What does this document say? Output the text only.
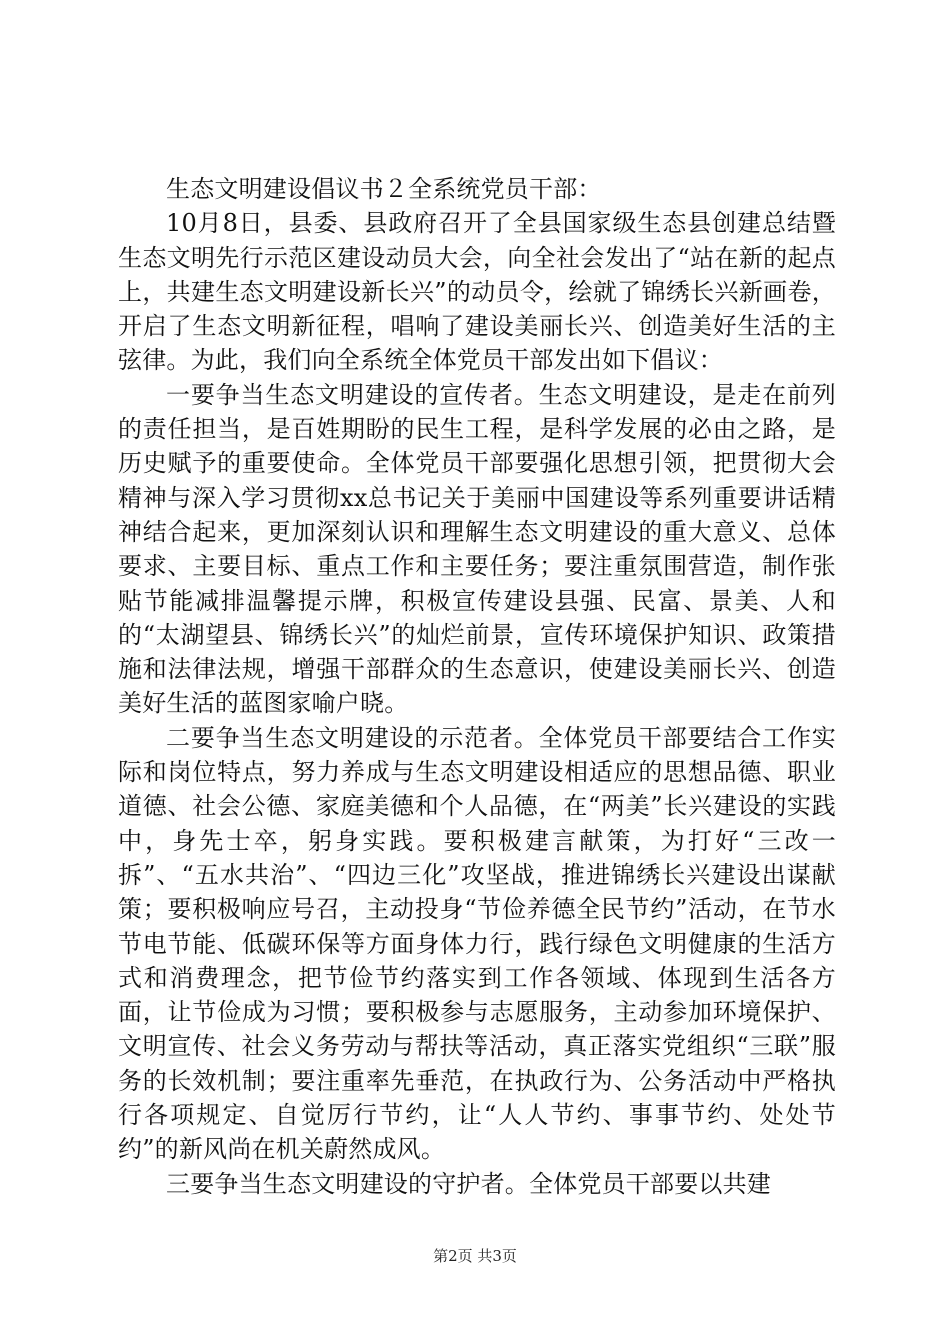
生态文明建设倡议书２全系统党员干部：

10月8日，县委、县政府召开了全县国家级生态县创建总结暨生态文明先行示范区建设动员大会，向全社会发出了“站在新的起点上，共建生态文明建设新长兴”的动员令，绘就了锦绣长兴新画卷，开启了生态文明新征程，唱响了建设美丽长兴、创造美好生活的主弦律。为此，我们向全系统全体党员干部发出如下倡议：

一要争当生态文明建设的宣传者。生态文明建设，是走在前列的责任担当，是百姓期盼的民生工程，是科学发展的必由之路，是历史赋予的重要使命。全体党员干部要强化思想引领，把贯彻大会精神与深入学习贯彻xx总书记关于美丽中国建设等系列重要讲话精神结合起来，更加深刻认识和理解生态文明建设的重大意义、总体要求、主要目标、重点工作和主要任务；要注重氛围营造，制作张贴节能减排温馨提示牌，积极宣传建设县强、民富、景美、人和的“太湖望县、锦绣长兴”的灿烂前景，宣传环境保护知识、政策措施和法律法规，增强干部群众的生态意识，使建设美丽长兴、创造美好生活的蓝图家喻户晓。

二要争当生态文明建设的示范者。全体党员干部要结合工作实际和岗位特点，努力养成与生态文明建设相适应的思想品德、职业道德、社会公德、家庭美德和个人品德，在“两美”长兴建设的实践中，身先士卒，躬身实践。要积极建言献策，为打好“三改一拆”、“五水共治”、“四边三化”攻坚战，推进锦绣长兴建设出谋献策；要积极响应号召，主动投身“节俭养德全民节约”活动，在节水节电节能、低碳环保等方面身体力行，践行绿色文明健康的生活方式和消费理念，把节俭节约落实到工作各领域、体现到生活各方面，让节俭成为习惯；要积极参与志愿服务，主动参加环境保护、文明宣传、社会义务劳动与帮扶等活动，真正落实党组织“三联”服务的长效机制；要注重率先垂范，在执政行为、公务活动中严格执行各项规定、自觉厉行节约，让“人人节约、事事节约、处处节约”的新风尚在机关蔚然成风。

三要争当生态文明建设的守护者。全体党员干部要以共建

第2页 共3页
